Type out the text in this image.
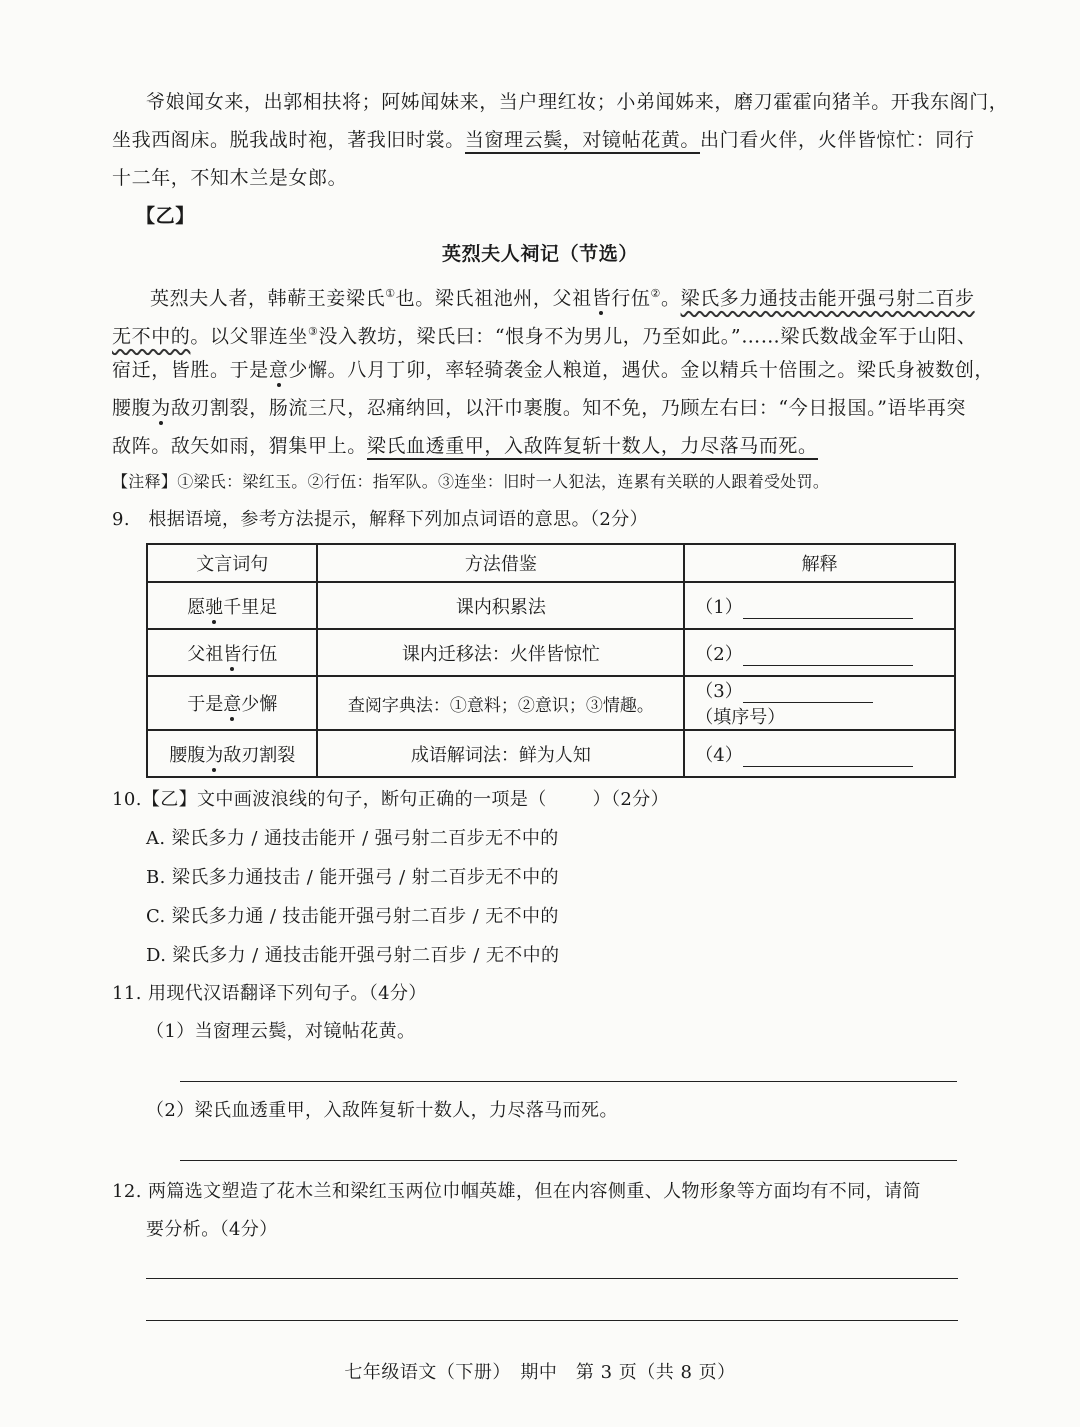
爷娘闻女来，出郭相扶将；阿姊闻妹来，当户理红妆；小弟闻姊来，磨刀霍霍向猪羊。开我东阁门，
坐我西阁床。脱我战时袍，著我旧时裳。当窗理云鬓，对镜帖花黄。出门看火伴，火伴皆惊忙：同行
十二年，不知木兰是女郎。
【乙】
英烈夫人祠记（节选）
英烈夫人者，韩蕲王妾梁氏①也。梁氏祖池州，父祖皆行伍②。梁氏多力通技击能开强弓射二百步
无不中的。以父罪连坐③没入教坊，梁氏曰：“恨身不为男儿，乃至如此。”……梁氏数战金军于山阳、
宿迁，皆胜。于是意少懈。八月丁卯，率轻骑袭金人粮道，遇伏。金以精兵十倍围之。梁氏身被数创，
腰腹为敌刃割裂，肠流三尺，忍痛纳回，以汗巾裹腹。知不免，乃顾左右曰：“今日报国。”语毕再突
敌阵。敌矢如雨，猬集甲上。梁氏血透重甲，入敌阵复斩十数人，力尽落马而死。
【注释】①梁氏：梁红玉。②行伍：指军队。③连坐：旧时一人犯法，连累有关联的人跟着受处罚。
9.　根据语境，参考方法提示，解释下列加点词语的意思。（2分）
文言词句	方法借鉴	解释
愿驰千里足	课内积累法	（1）
父祖皆行伍	课内迁移法：火伴皆惊忙	（2）
于是意少懈	查阅字典法：①意料；②意识；③情趣。	（3）（填序号）
腰腹为敌刃割裂	成语解词法：鲜为人知	（4）
10.【乙】文中画波浪线的句子，断句正确的一项是（	）（2分）
A. 梁氏多力 / 通技击能开 / 强弓射二百步无不中的
B. 梁氏多力通技击 / 能开强弓 / 射二百步无不中的
C. 梁氏多力通 / 技击能开强弓射二百步 / 无不中的
D. 梁氏多力 / 通技击能开强弓射二百步 / 无不中的
11. 用现代汉语翻译下列句子。（4分）
（1）当窗理云鬓，对镜帖花黄。
（2）梁氏血透重甲，入敌阵复斩十数人，力尽落马而死。
12. 两篇选文塑造了花木兰和梁红玉两位巾帼英雄，但在内容侧重、人物形象等方面均有不同，请简
要分析。（4分）
七年级语文（下册）　期中　第 3 页（共 8 页）
